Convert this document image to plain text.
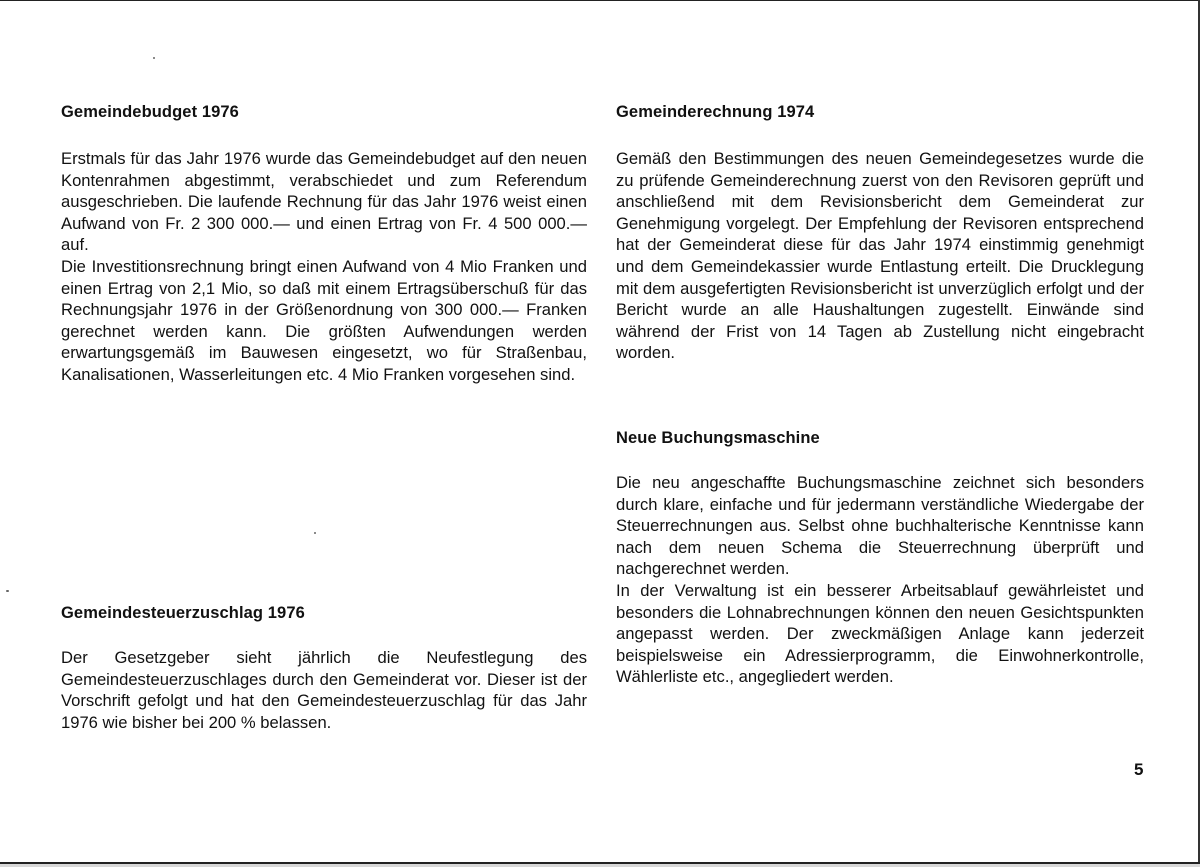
Gemeindebudget 1976

Erstmals für das Jahr 1976 wurde das Gemeindebudget auf den neuen Kontenrahmen abgestimmt, verabschiedet und zum Referendum ausgeschrieben. Die laufende Rechnung für das Jahr 1976 weist einen Aufwand von Fr. 2 300 000.— und einen Ertrag von Fr. 4 500 000.— auf.

Die Investitionsrechnung bringt einen Aufwand von 4 Mio Franken und einen Ertrag von 2,1 Mio, so daß mit einem Ertragsüberschuß für das Rechnungsjahr 1976 in der Größenordnung von 300 000.— Franken gerechnet werden kann. Die größten Aufwendungen werden erwartungsgemäß im Bauwesen eingesetzt, wo für Straßenbau, Kanalisationen, Wasserleitungen etc. 4 Mio Franken vorgesehen sind.

Gemeindesteuerzuschlag 1976

Der Gesetzgeber sieht jährlich die Neufestlegung des Gemeindesteuerzuschlages durch den Gemeinderat vor. Dieser ist der Vorschrift gefolgt und hat den Gemeindesteuerzuschlag für das Jahr 1976 wie bisher bei 200 % belassen.

Gemeinderechnung 1974

Gemäß den Bestimmungen des neuen Gemeindegesetzes wurde die zu prüfende Gemeinderechnung zuerst von den Revisoren geprüft und anschließend mit dem Revisionsbericht dem Gemeinderat zur Genehmigung vorgelegt. Der Empfehlung der Revisoren entsprechend hat der Gemeinderat diese für das Jahr 1974 einstimmig genehmigt und dem Gemeindekassier wurde Entlastung erteilt. Die Drucklegung mit dem ausgefertigten Revisionsbericht ist unverzüglich erfolgt und der Bericht wurde an alle Haushaltungen zugestellt. Einwände sind während der Frist von 14 Tagen ab Zustellung nicht eingebracht worden.

Neue Buchungsmaschine

Die neu angeschaffte Buchungsmaschine zeichnet sich besonders durch klare, einfache und für jedermann verständliche Wiedergabe der Steuerrechnungen aus. Selbst ohne buchhalterische Kenntnisse kann nach dem neuen Schema die Steuerrechnung überprüft und nachgerechnet werden.

In der Verwaltung ist ein besserer Arbeitsablauf gewährleistet und besonders die Lohnabrechnungen können den neuen Gesichtspunkten angepasst werden. Der zweckmäßigen Anlage kann jederzeit beispielsweise ein Adressierprogramm, die Einwohnerkontrolle, Wählerliste etc., angegliedert werden.

5
